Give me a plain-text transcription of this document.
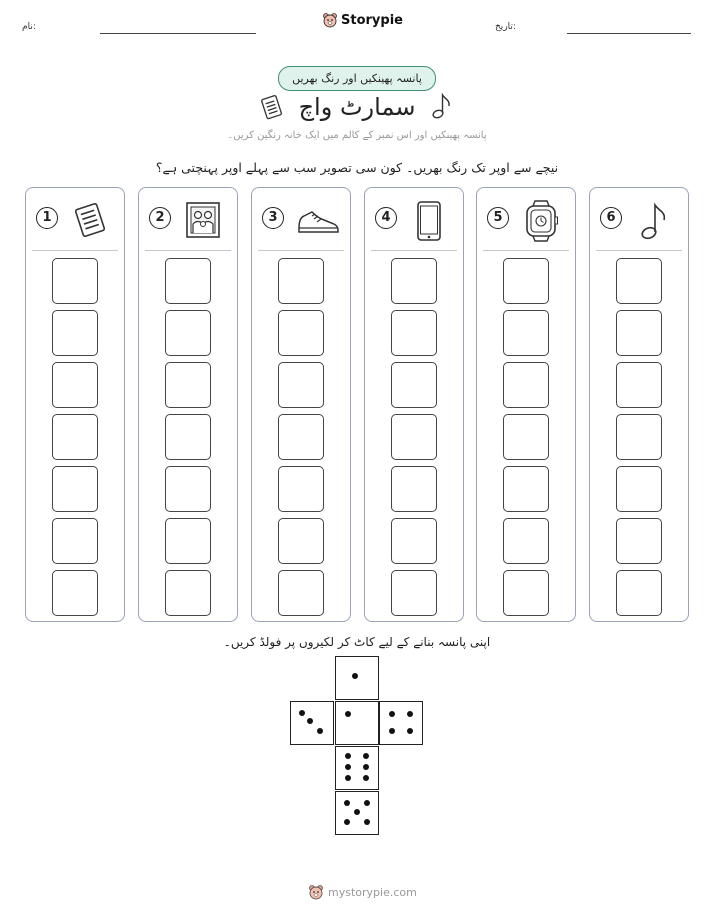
نام:	Storypie	تاریخ:
پانسہ پھینکیں اور رنگ بھریں
سمارٹ واچ
پانسہ پھینکیں اور اس نمبر کے کالم میں ایک خانہ رنگین کریں۔
نیچے سے اوپر تک رنگ بھریں۔ کون سی تصویر سب سے پہلے اوپر پہنچتی ہے؟
1	2	3	4	5	6
اپنی پانسہ بنانے کے لیے کاٹ کر لکیروں پر فولڈ کریں۔
mystorypie.com
